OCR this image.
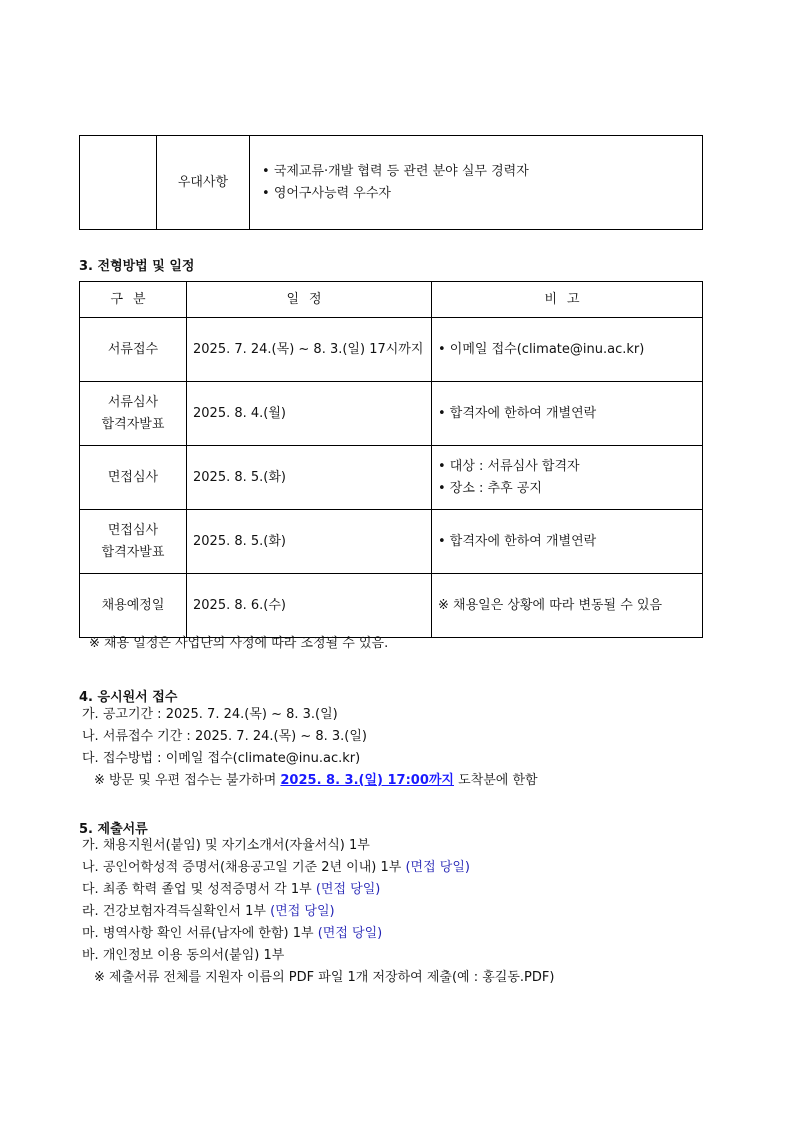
	우대사항	
• 국제교류·개발 협력 등 관련 분야 실무 경력자
• 영어구사능력 우수자

3. 전형방법 및 일정

구분	일정	비고
서류접수	2025. 7. 24.(목) ~ 8. 3.(일) 17시까지	• 이메일 접수(climate@inu.ac.kr)
서류심사
합격자발표	2025. 8. 4.(월)	• 합격자에 한하여 개별연락
면접심사	2025. 8. 5.(화)	• 대상 : 서류심사 합격자
• 장소 : 추후 공지
면접심사
합격자발표	2025. 8. 5.(화)	• 합격자에 한하여 개별연락
채용예정일	2025. 8. 6.(수)	※ 채용일은 상황에 따라 변동될 수 있음

※ 채용 일정은 사업단의 사정에 따라 조정될 수 있음.

4. 응시원서 접수

가. 공고기간 : 2025. 7. 24.(목) ~ 8. 3.(일)
나. 서류접수 기간 : 2025. 7. 24.(목) ~ 8. 3.(일)
다. 접수방법 : 이메일 접수(climate@inu.ac.kr)
※ 방문 및 우편 접수는 불가하며 2025. 8. 3.(일) 17:00까지 도착분에 한함

5. 제출서류

가. 채용지원서(붙임) 및 자기소개서(자율서식) 1부
나. 공인어학성적 증명서(채용공고일 기준 2년 이내) 1부 (면접 당일)
다. 최종 학력 졸업 및 성적증명서 각 1부 (면접 당일)
라. 건강보험자격득실확인서 1부 (면접 당일)
마. 병역사항 확인 서류(남자에 한함) 1부 (면접 당일)
바. 개인정보 이용 동의서(붙임) 1부
※ 제출서류 전체를 지원자 이름의 PDF 파일 1개 저장하여 제출(예 : 홍길동.PDF)
